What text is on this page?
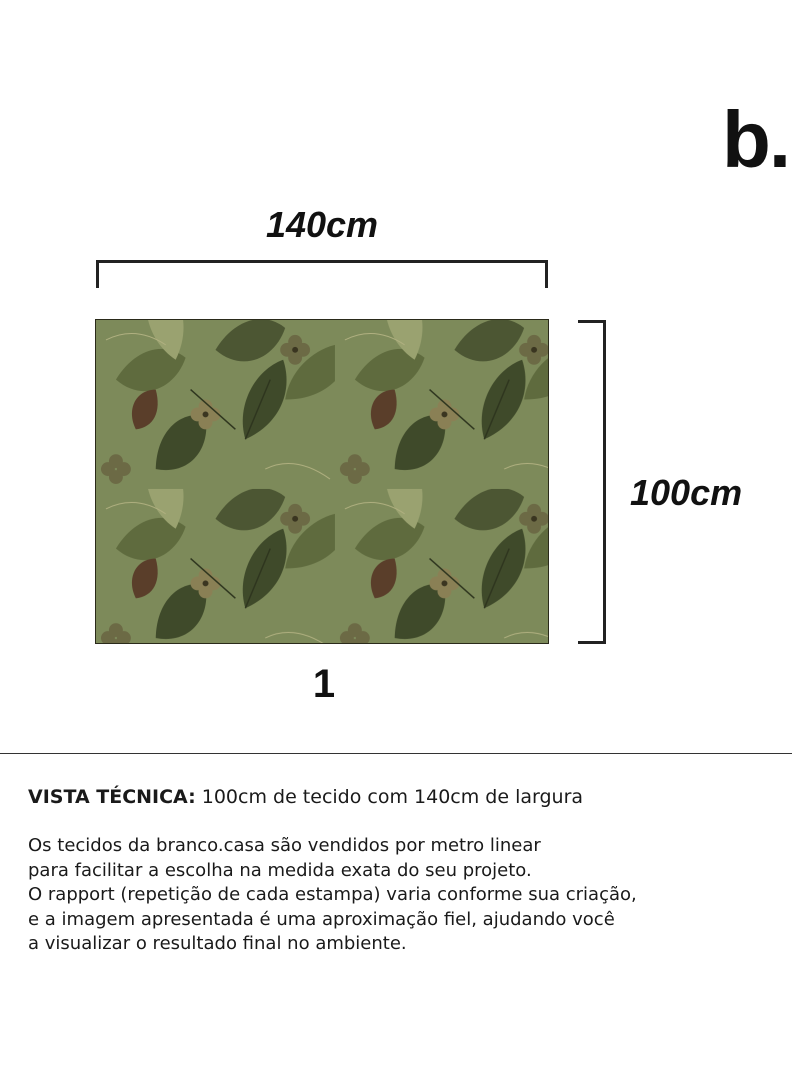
b.
140cm
100cm
1
VISTA TÉCNICA: 100cm de tecido com 140cm de largura
Os tecidos da branco.casa são vendidos por metro linear
para facilitar a escolha na medida exata do seu projeto.
O rapport (repetição de cada estampa) varia conforme sua criação,
e a imagem apresentada é uma aproximação fiel, ajudando você
a visualizar o resultado final no ambiente.
